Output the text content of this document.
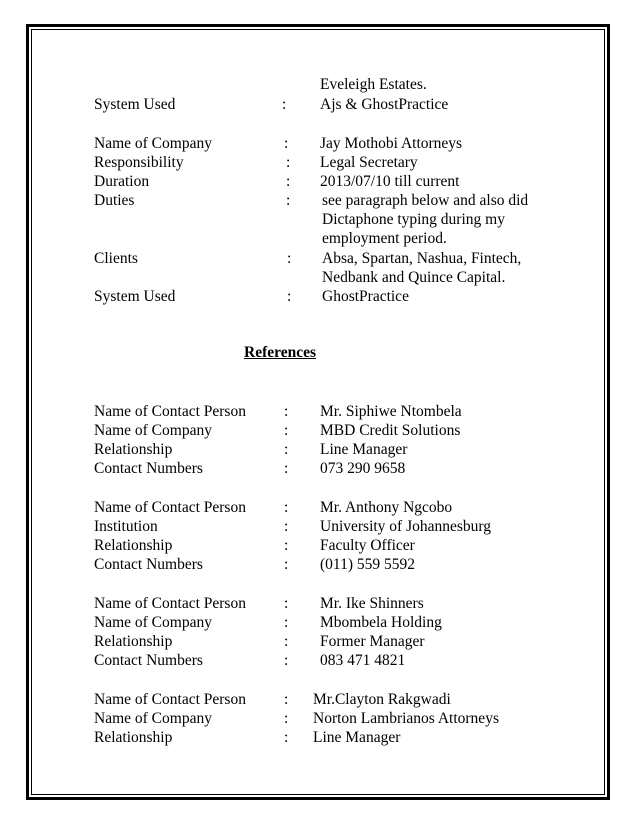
Eveleigh Estates.
System Used	: Ajs & GhostPractice
Name of Company	: Jay Mothobi Attorneys
Responsibility	: Legal Secretary
Duration	: 2013/07/10 till current
Duties	: see paragraph below and also did
Dictaphone typing during my
employment period.
Clients	: Absa, Spartan, Nashua, Fintech,
Nedbank and Quince Capital.
System Used	: GhostPractice
References
Name of Contact Person : Mr. Siphiwe Ntombela
Name of Company	: MBD Credit Solutions
Relationship	: Line Manager
Contact Numbers	: 073 290 9658
Name of Contact Person : Mr. Anthony Ngcobo
Institution	: University of Johannesburg
Relationship	: Faculty Officer
Contact Numbers	: (011) 559 5592
Name of Contact Person : Mr. Ike Shinners
Name of Company	: Mbombela Holding
Relationship	: Former Manager
Contact Numbers	: 083 471 4821
Name of Contact Person : Mr.Clayton Rakgwadi
Name of Company	: Norton Lambrianos Attorneys
Relationship	: Line Manager
